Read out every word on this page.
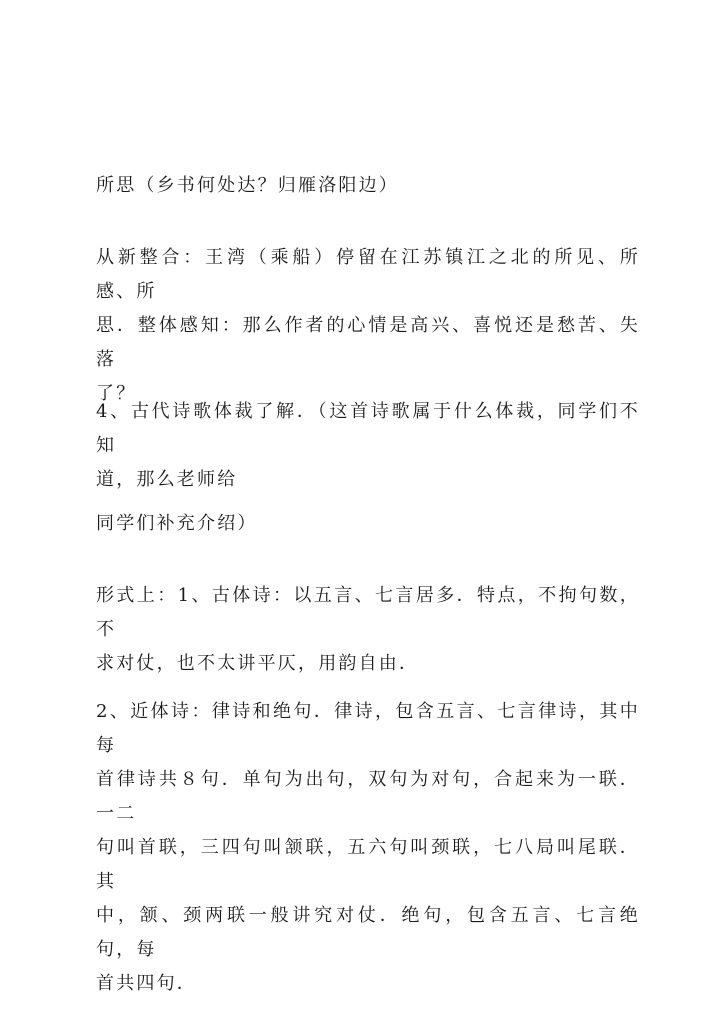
所思（乡书何处达？归雁洛阳边）

从新整合：王湾（乘船）停留在江苏镇江之北的所见、所感、所
思．整体感知：那么作者的心情是高兴、喜悦还是愁苦、失落
了？

4、古代诗歌体裁了解．（这首诗歌属于什么体裁，同学们不知
道，那么老师给

同学们补充介绍）

形式上：1、古体诗：以五言、七言居多．特点，不拘句数，不
求对仗，也不太讲平仄，用韵自由．

2、近体诗：律诗和绝句．律诗，包含五言、七言律诗，其中每
首律诗共８句．单句为出句，双句为对句，合起来为一联．一二
句叫首联，三四句叫颔联，五六句叫颈联，七八局叫尾联．其
中，颔、颈两联一般讲究对仗．绝句，包含五言、七言绝句，每
首共四句．
